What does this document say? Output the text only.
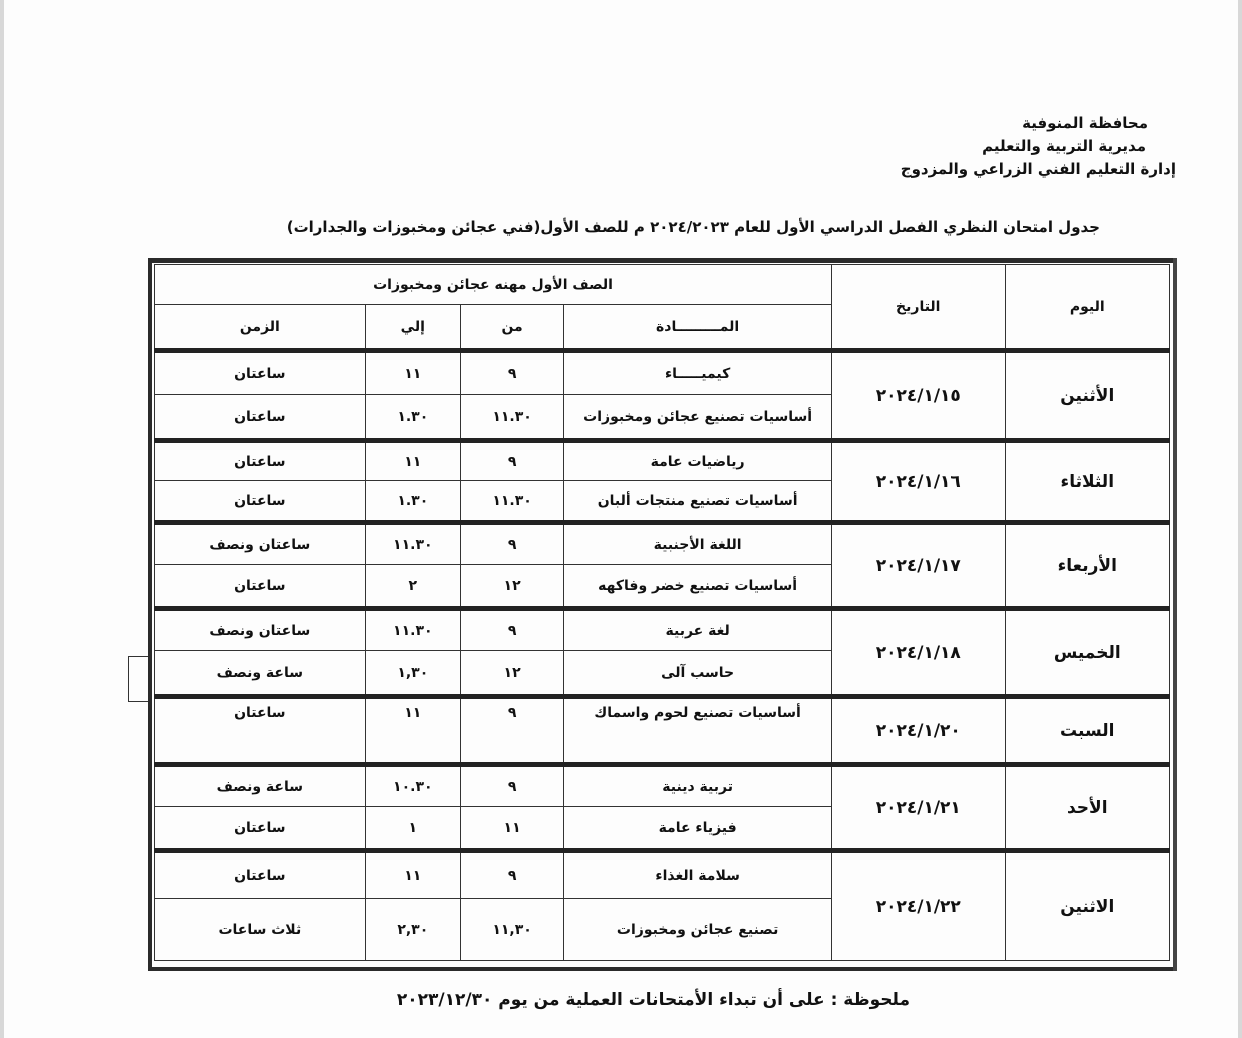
محافظة المنوفية
مديرية التربية والتعليم
إدارة التعليم الفني الزراعي والمزدوج
جدول امتحان النظري الفصل الدراسي الأول للعام ٢٠٢٤/٢٠٢٣ م للصف الأول(فني عجائن ومخبوزات والجدارات)
اليوم	التاريخ	الصف الأول مهنه عجائن ومخبوزات			
		المـــــــــادة	من	إلي	الزمن
الأثنين	٢٠٢٤/١/١٥	كيميـــــاء	٩	١١	ساعتان
		أساسيات تصنيع عجائن ومخبوزات	١١.٣٠	١.٣٠	ساعتان
الثلاثاء	٢٠٢٤/١/١٦	رياضيات عامة	٩	١١	ساعتان
		أساسيات تصنيع منتجات ألبان	١١.٣٠	١.٣٠	ساعتان
الأربعاء	٢٠٢٤/١/١٧	اللغة الأجنبية	٩	١١.٣٠	ساعتان ونصف
		أساسيات تصنيع خضر وفاكهه	١٢	٢	ساعتان
الخميس	٢٠٢٤/١/١٨	لغة عربية	٩	١١.٣٠	ساعتان ونصف
		حاسب آلى	١٢	١,٣٠	ساعة ونصف
السبت	٢٠٢٤/١/٢٠	أساسيات تصنيع لحوم واسماك	٩	١١	ساعتان
الأحد	٢٠٢٤/١/٢١	تربية دينية	٩	١٠.٣٠	ساعة ونصف
		فيزياء عامة	١١	١	ساعتان
الاثنين	٢٠٢٤/١/٢٢	سلامة الغذاء	٩	١١	ساعتان
		تصنيع عجائن ومخبوزات	١١,٣٠	٢,٣٠	ثلاث ساعات
ملحوظة : على أن تبداء الأمتحانات العملية من يوم ٢٠٢٣/١٢/٣٠
